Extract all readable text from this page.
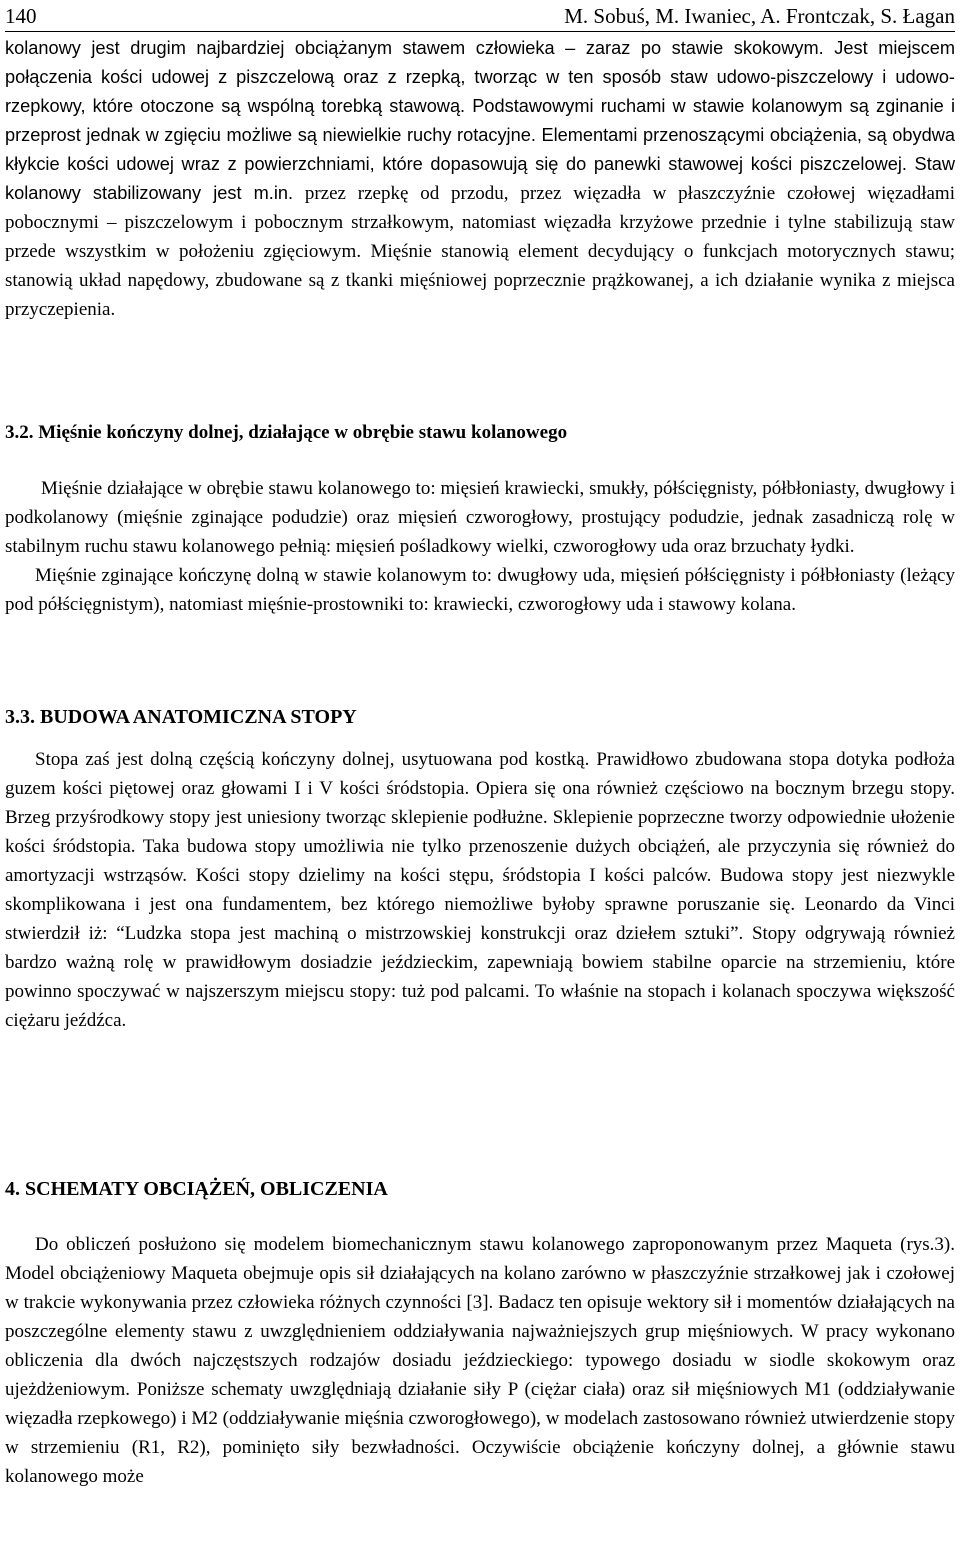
140	M. Sobuś, M. Iwaniec, A. Frontczak, S. Łagan

kolanowy jest drugim najbardziej obciążanym stawem człowieka – zaraz po stawie skokowym. Jest miejscem połączenia kości udowej z piszczelową oraz z rzepką, tworząc w ten sposób staw udowo-piszczelowy i udowo-rzepkowy, które otoczone są wspólną torebką stawową. Podstawowymi ruchami w stawie kolanowym są zginanie i przeprost jednak w zgięciu możliwe są niewielkie ruchy rotacyjne. Elementami przenoszącymi obciążenia, są obydwa kłykcie kości udowej wraz z powierzchniami, które dopasowują się do panewki stawowej kości piszczelowej. Staw kolanowy stabilizowany jest m.in. przez rzepkę od przodu, przez więzadła w płaszczyźnie czołowej więzadłami pobocznymi – piszczelowym i pobocznym strzałkowym, natomiast więzadła krzyżowe przednie i tylne stabilizują staw przede wszystkim w położeniu zgięciowym. Mięśnie stanowią element decydujący o funkcjach motorycznych stawu; stanowią układ napędowy, zbudowane są z tkanki mięśniowej poprzecznie prążkowanej, a ich działanie wynika z miejsca przyczepienia.

3.2. Mięśnie kończyny dolnej, działające w obrębie stawu kolanowego

Mięśnie działające w obrębie stawu kolanowego to: mięsień krawiecki, smukły, półścięgnisty, półbłoniasty, dwugłowy i podkolanowy (mięśnie zginające podudzie) oraz mięsień czworogłowy, prostujący podudzie, jednak zasadniczą rolę w stabilnym ruchu stawu kolanowego pełnią: mięsień pośladkowy wielki, czworogłowy uda oraz brzuchaty łydki.

Mięśnie zginające kończynę dolną w stawie kolanowym to: dwugłowy uda, mięsień półścięgnisty i półbłoniasty (leżący pod półścięgnistym), natomiast mięśnie-prostowniki to: krawiecki, czworogłowy uda i stawowy kolana.

3.3. BUDOWA ANATOMICZNA STOPY

Stopa zaś jest dolną częścią kończyny dolnej, usytuowana pod kostką. Prawidłowo zbudowana stopa dotyka podłoża guzem kości piętowej oraz głowami I i V kości śródstopia. Opiera się ona również częściowo na bocznym brzegu stopy. Brzeg przyśrodkowy stopy jest uniesiony tworząc sklepienie podłużne. Sklepienie poprzeczne tworzy odpowiednie ułożenie kości śródstopia. Taka budowa stopy umożliwia nie tylko przenoszenie dużych obciążeń, ale przyczynia się również do amortyzacji wstrząsów. Kości stopy dzielimy na kości stępu, śródstopia I kości palców. Budowa stopy jest niezwykle skomplikowana i jest ona fundamentem, bez którego niemożliwe byłoby sprawne poruszanie się. Leonardo da Vinci stwierdził iż: “Ludzka stopa jest machiną o mistrzowskiej konstrukcji oraz dziełem sztuki”. Stopy odgrywają również bardzo ważną rolę w prawidłowym dosiadzie jeździeckim, zapewniają bowiem stabilne oparcie na strzemieniu, które powinno spoczywać w najszerszym miejscu stopy: tuż pod palcami. To właśnie na stopach i kolanach spoczywa większość ciężaru jeźdźca.

4. SCHEMATY OBCIĄŻEŃ, OBLICZENIA

Do obliczeń posłużono się modelem biomechanicznym stawu kolanowego zaproponowanym przez Maqueta (rys.3). Model obciążeniowy Maqueta obejmuje opis sił działających na kolano zarówno w płaszczyźnie strzałkowej jak i czołowej w trakcie wykonywania przez człowieka różnych czynności [3]. Badacz ten opisuje wektory sił i momentów działających na poszczególne elementy stawu z uwzględnieniem oddziaływania najważniejszych grup mięśniowych. W pracy wykonano obliczenia dla dwóch najczęstszych rodzajów dosiadu jeździeckiego: typowego dosiadu w siodle skokowym oraz ujeżdżeniowym. Poniższe schematy uwzględniają działanie siły P (ciężar ciała) oraz sił mięśniowych M1 (oddziaływanie więzadła rzepkowego) i M2 (oddziaływanie mięśnia czworogłowego), w modelach zastosowano również utwierdzenie stopy w strzemieniu (R1, R2), pominięto siły bezwładności. Oczywiście obciążenie kończyny dolnej, a głównie stawu kolanowego może
